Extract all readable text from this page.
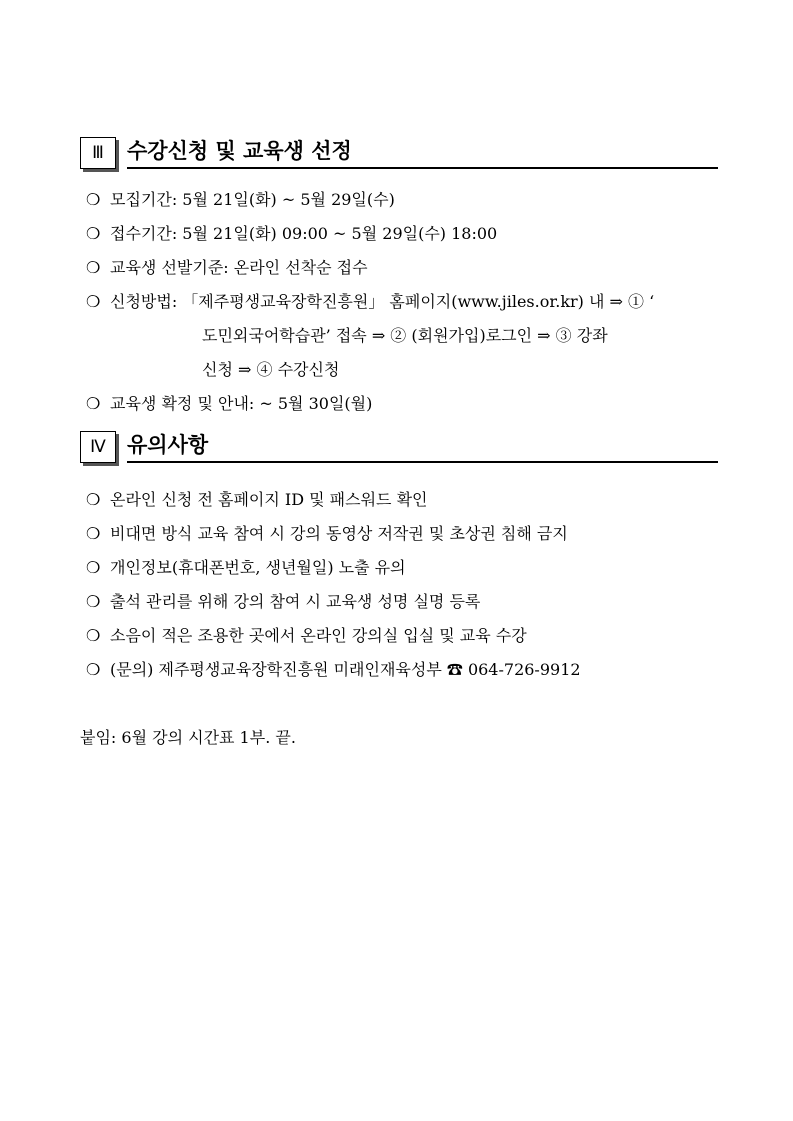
Ⅲ	수강신청 및 교육생 선정
❍ 모집기간: 5월 21일(화) ~ 5월 29일(수)
❍ 접수기간: 5월 21일(화) 09:00 ~ 5월 29일(수) 18:00
❍ 교육생 선발기준: 온라인 선착순 접수
❍ 신청방법: 「제주평생교육장학진흥원」 홈페이지(www.jiles.or.kr) 내 ⇒ ① ‘
도민외국어학습관’ 접속 ⇒ ② (회원가입)로그인 ⇒ ③ 강좌
신청 ⇒ ④ 수강신청
❍ 교육생 확정 및 안내: ~ 5월 30일(월)
Ⅳ	유의사항
❍ 온라인 신청 전 홈페이지 ID 및 패스워드 확인
❍ 비대면 방식 교육 참여 시 강의 동영상 저작권 및 초상권 침해 금지
❍ 개인정보(휴대폰번호, 생년월일) 노출 유의
❍ 출석 관리를 위해 강의 참여 시 교육생 성명 실명 등록
❍ 소음이 적은 조용한 곳에서 온라인 강의실 입실 및 교육 수강
❍ (문의) 제주평생교육장학진흥원 미래인재육성부 ☎ 064-726-9912
붙임: 6월 강의 시간표 1부. 끝.
